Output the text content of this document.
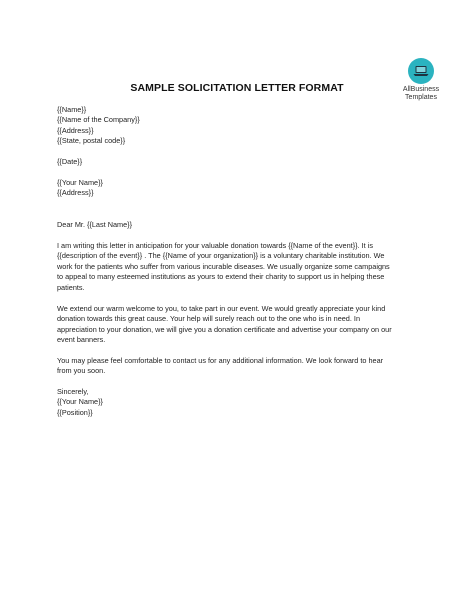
AllBusiness
Templates
SAMPLE SOLICITATION LETTER FORMAT
{{Name}}
{{Name of the Company}}
{{Address}}
{{State, postal code}}
{{Date}}
{{Your Name}}
{{Address}}
Dear Mr. {{Last Name}}
I am writing this letter in anticipation for your valuable donation towards {{Name of the event}}. It is
{{description of the event}} . The {{Name of your organization}} is a voluntary charitable institution. We
work for the patients who suffer from various incurable diseases. We usually organize some campaigns
to appeal to many esteemed institutions as yours to extend their charity to support us in helping these
patients.
We extend our warm welcome to you, to take part in our event. We would greatly appreciate your kind
donation towards this great cause. Your help will surely reach out to the one who is in need. In
appreciation to your donation, we will give you a donation certificate and advertise your company on our
event banners.
You may please feel comfortable to contact us for any additional information. We look forward to hear
from you soon.
Sincerely,
{{Your Name}}
{{Position}}
